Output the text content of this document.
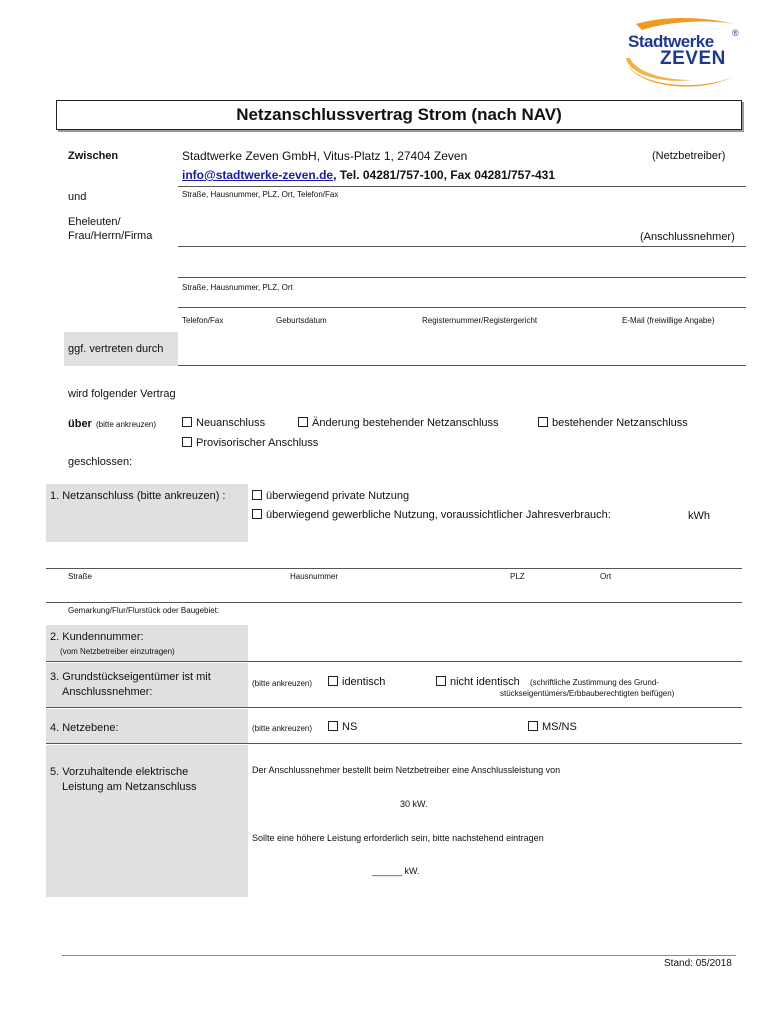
Stadtwerke ®
ZEVEN
Netzanschlussvertrag Strom (nach NAV)
Zwischen	Stadtwerke Zeven GmbH, Vitus-Platz 1, 27404 Zeven	(Netzbetreiber)
info@stadtwerke-zeven.de, Tel. 04281/757-100, Fax 04281/757-431
Straße, Hausnummer, PLZ, Ort, Telefon/Fax
und
Eheleuten/
Frau/Herrn/Firma	(Anschlussnehmer)
Straße, Hausnummer, PLZ, Ort
Telefon/Fax	Geburtsdatum	Registernummer/Registergericht	E-Mail (freiwillige Angabe)
ggf. vertreten durch
wird folgender Vertrag
über (bitte ankreuzen)	Neuanschluss	Änderung bestehender Netzanschluss	bestehender Netzanschluss
Provisorischer Anschluss
geschlossen:
1. Netzanschluss (bitte ankreuzen) :	überwiegend private Nutzung
überwiegend gewerbliche Nutzung, voraussichtlicher Jahresverbrauch:	kWh
Straße	Hausnummer	PLZ	Ort
Gemarkung/Flur/Flurstück oder Baugebiet:
2. Kundennummer:
(vom Netzbetreiber einzutragen)
3. Grundstückseigentümer ist mit
Anschlussnehmer:
(bitte ankreuzen)	identisch	nicht identisch (schriftliche Zustimmung des Grund-
stückseigentümers/Erbbauberechtigten beifügen)
4. Netzebene:	(bitte ankreuzen)	NS	MS/NS
5. Vorzuhaltende elektrische
Leistung am Netzanschluss
Der Anschlussnehmer bestellt beim Netzbetreiber eine Anschlussleistung von
30 kW.
Sollte eine höhere Leistung erforderlich sein, bitte nachstehend eintragen
______ kW.
Stand: 05/2018
